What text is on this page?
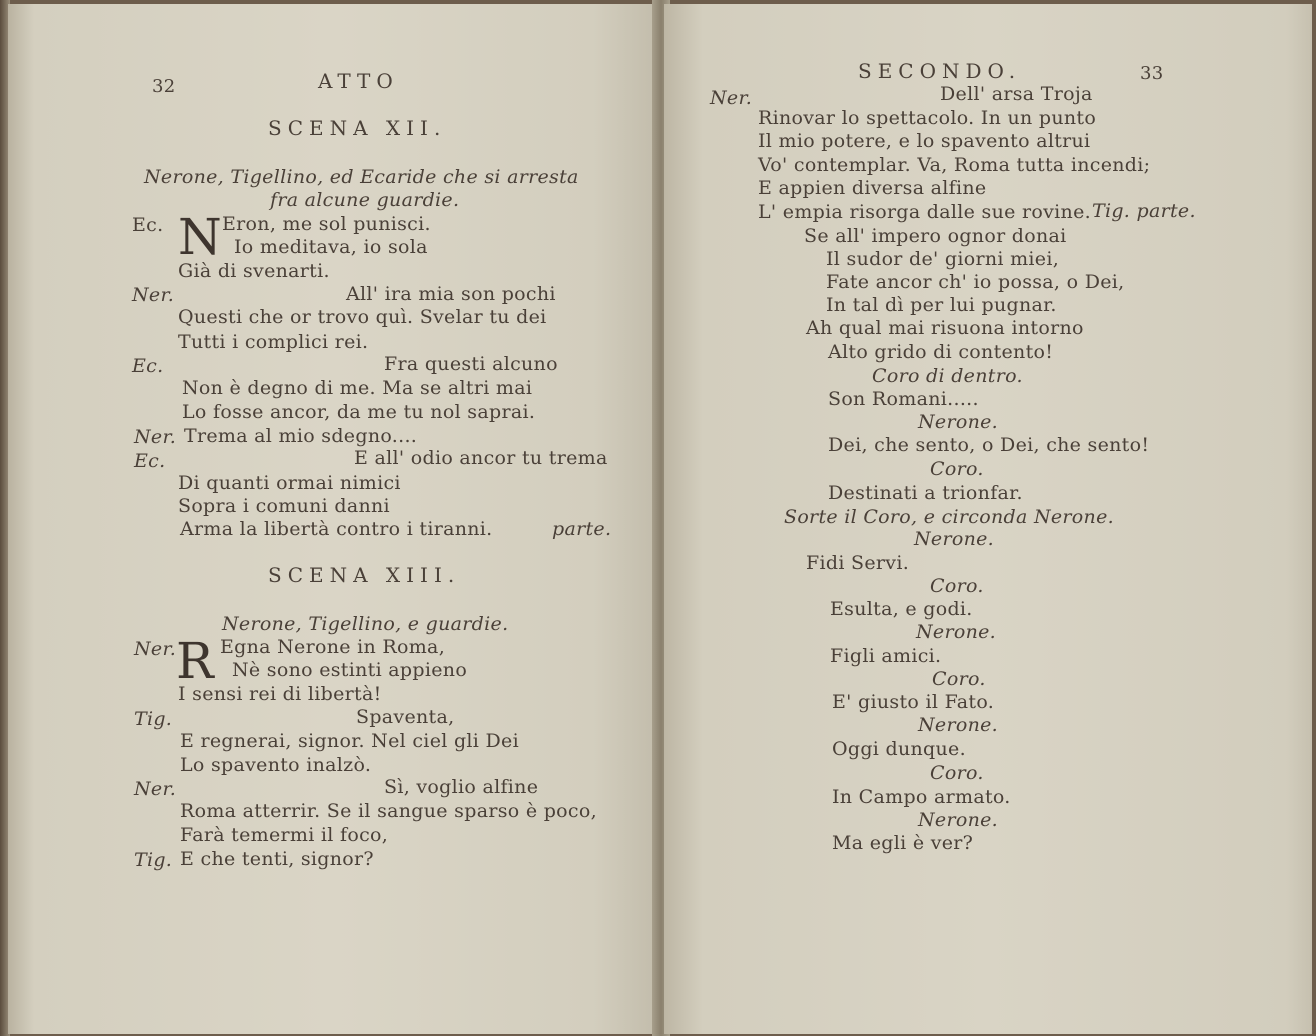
32	ATTO
SCENA XII.
Nerone, Tigellino, ed Ecaride che si arresta
fra alcune guardie.
Ec. N Eron, me sol punisci.
Io meditava, io sola
Già di svenarti.
Ner.	All' ira mia son pochi
Questi che or trovo quì. Svelar tu dei
Tutti i complici rei.
Ec.	Fra questi alcuno
Non è degno di me. Ma se altri mai
Lo fosse ancor, da me tu nol saprai.
Ner. Trema al mio sdegno....
Ec.	E all' odio ancor tu trema
Di quanti ormai nimici
Sopra i comuni danni
Arma la libertà contro i tiranni.	parte.
SCENA XIII.
Nerone, Tigellino, e guardie.
Ner. R Egna Nerone in Roma,
Nè sono estinti appieno
I sensi rei di libertà!
Tig.	Spaventa,
E regnerai, signor. Nel ciel gli Dei
Lo spavento inalzò.
Ner.	Sì, voglio alfine
Roma atterrir. Se il sangue sparso è poco,
Farà temermi il foco,
Tig. E che tenti, signor?
SECONDO.	33
Ner.	Dell' arsa Troja
Rinovar lo spettacolo. In un punto
Il mio potere, e lo spavento altrui
Vo' contemplar. Va, Roma tutta incendi;
E appien diversa alfine
L' empia risorga dalle sue rovine. Tig. parte.
Se all' impero ognor donai
Il sudor de' giorni miei,
Fate ancor ch' io possa, o Dei,
In tal dì per lui pugnar.
Ah qual mai risuona intorno
Alto grido di contento!
Coro di dentro.
Son Romani.....
Nerone.
Dei, che sento, o Dei, che sento!
Coro.
Destinati a trionfar.
Sorte il Coro, e circonda Nerone.
Nerone.
Fidi Servi.
Coro.
Esulta, e godi.
Nerone.
Figli amici.
Coro.
E' giusto il Fato.
Nerone.
Oggi dunque.
Coro.
In Campo armato.
Nerone.
Ma egli è ver?
